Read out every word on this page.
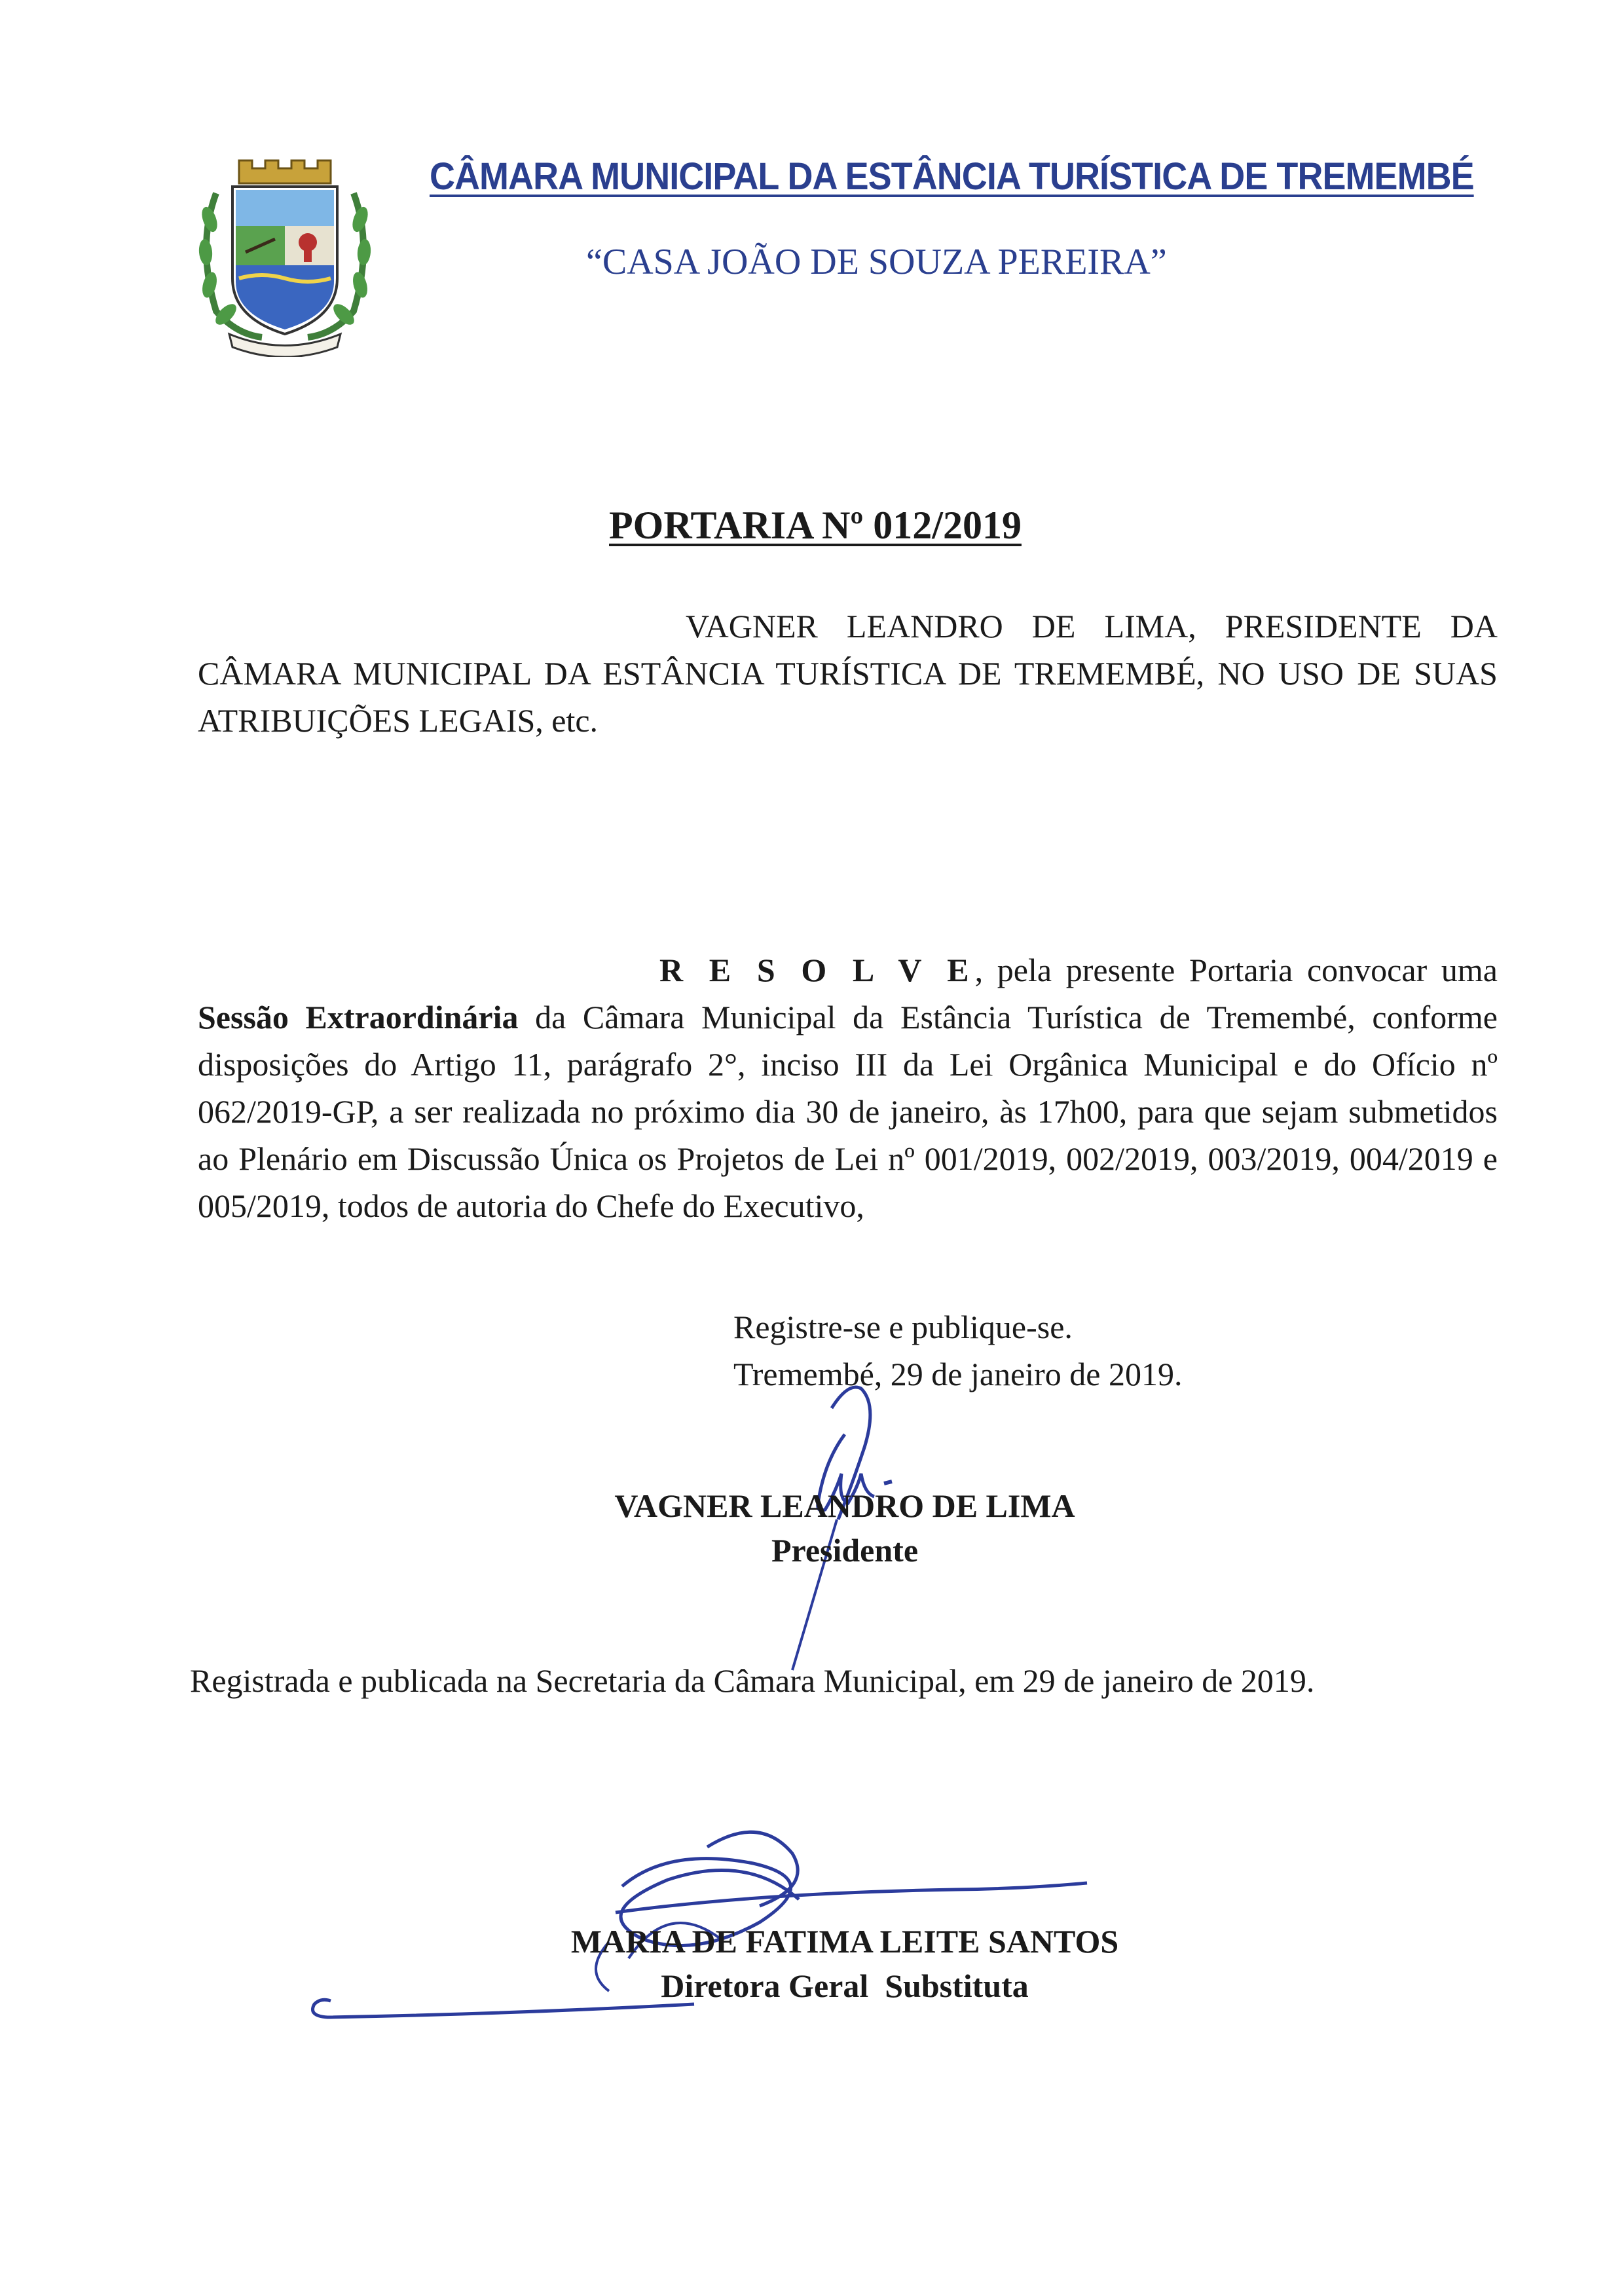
CÂMARA MUNICIPAL DA ESTÂNCIA TURÍSTICA DE TREMEMBÉ
“CASA JOÃO DE SOUZA PEREIRA”
PORTARIA Nº 012/2019
VAGNER LEANDRO DE LIMA, PRESIDENTE DA CÂMARA MUNICIPAL DA ESTÂNCIA TURÍSTICA DE TREMEMBÉ, NO USO DE SUAS ATRIBUIÇÕES LEGAIS, etc.
R E S O L V E, pela presente Portaria convocar uma Sessão Extraordinária da Câmara Municipal da Estância Turística de Tremembé, conforme disposições do Artigo 11, parágrafo 2°, inciso III da Lei Orgânica Municipal e do Ofício nº 062/2019-GP, a ser realizada no próximo dia 30 de janeiro, às 17h00, para que sejam submetidos ao Plenário em Discussão Única os Projetos de Lei nº 001/2019, 002/2019, 003/2019, 004/2019 e 005/2019, todos de autoria do Chefe do Executivo,
Registre-se e publique-se.
Tremembé, 29 de janeiro de 2019.
VAGNER LEANDRO DE LIMA
Presidente
Registrada e publicada na Secretaria da Câmara Municipal, em 29 de janeiro de 2019.
MARIA DE FATIMA LEITE SANTOS
Diretora Geral  Substituta
